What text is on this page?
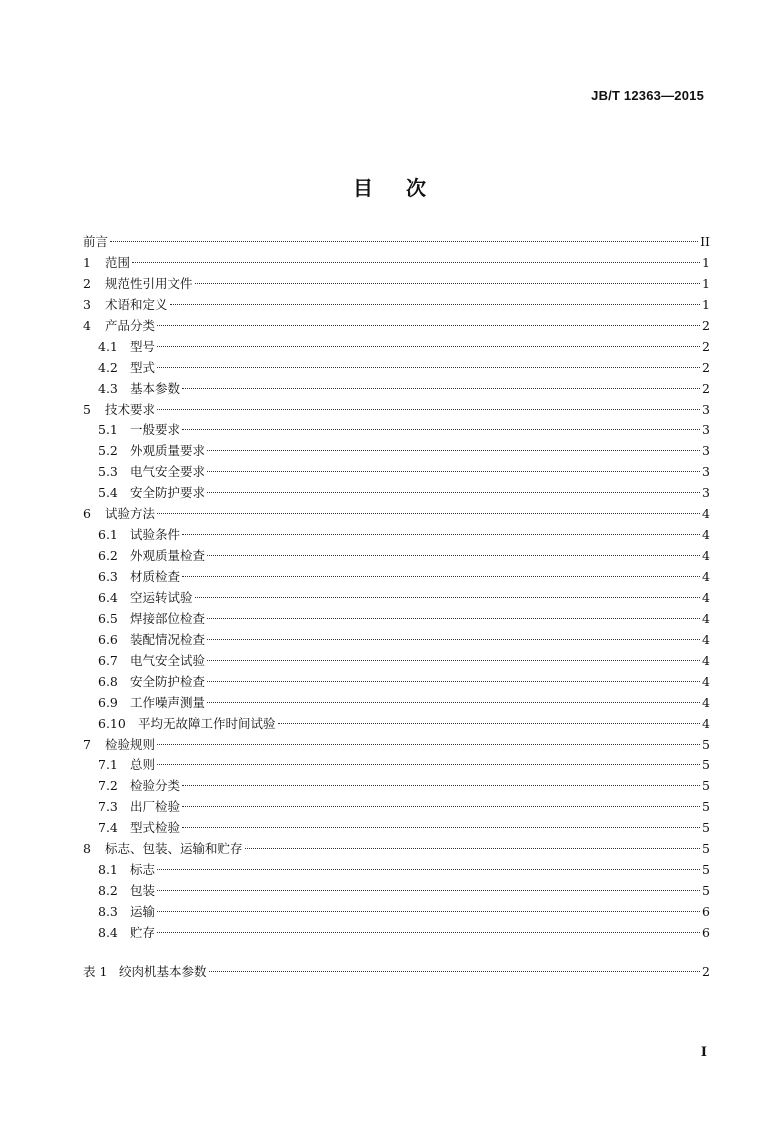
JB/T 12363—2015
目 次
前言	II
1	范围	1
2	规范性引用文件	1
3	术语和定义	1
4	产品分类	2
4.1 型号	2
4.2 型式	2
4.3 基本参数	2
5	技术要求	3
5.1 一般要求	3
5.2 外观质量要求	3
5.3 电气安全要求	3
5.4 安全防护要求	3
6	试验方法	4
6.1 试验条件	4
6.2 外观质量检查	4
6.3 材质检查	4
6.4 空运转试验	4
6.5 焊接部位检查	4
6.6 装配情况检查	4
6.7 电气安全试验	4
6.8 安全防护检查	4
6.9 工作噪声测量	4
6.10 平均无故障工作时间试验	4
7	检验规则	5
7.1 总则	5
7.2 检验分类	5
7.3 出厂检验	5
7.4 型式检验	5
8	标志、包装、运输和贮存	5
8.1 标志	5
8.2 包装	5
8.3 运输	6
8.4 贮存	6
表 1 绞肉机基本参数	2
I
